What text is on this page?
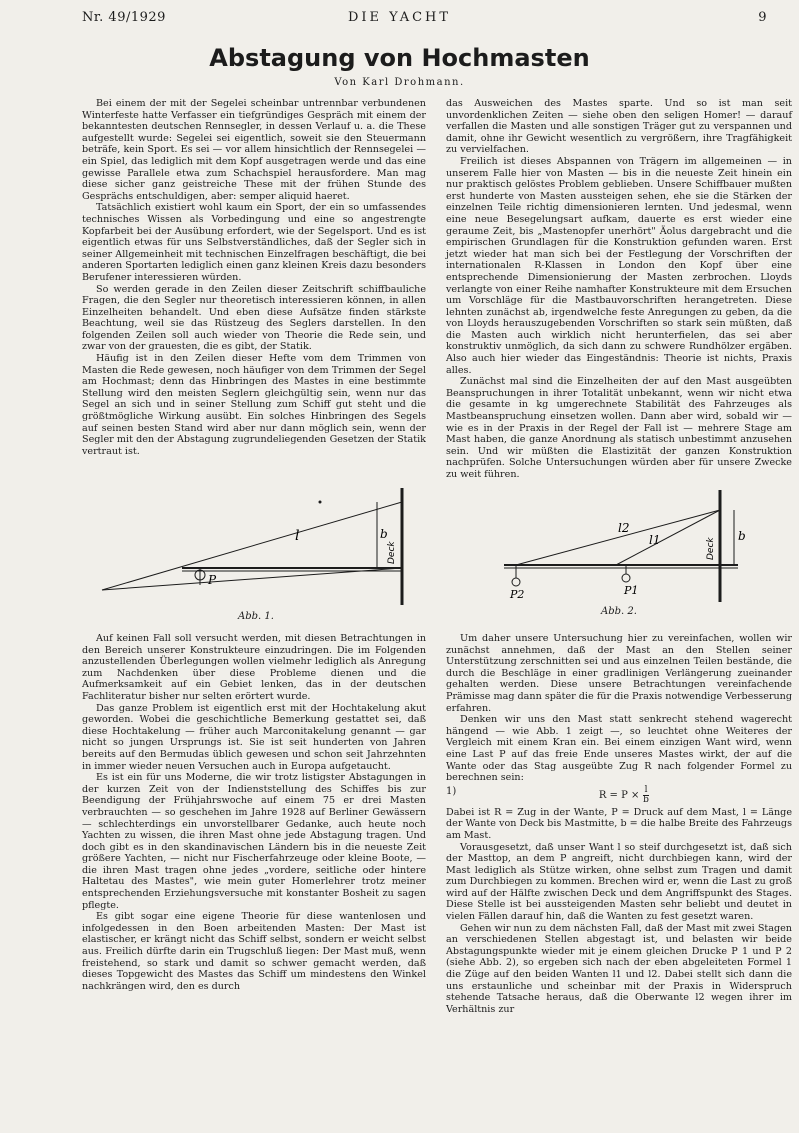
Nr. 49/1929	DIE YACHT	9
Abstagung von Hochmasten
Von Karl Drohmann.

Bei einem der mit der Segelei scheinbar untrennbar verbundenen Winterfeste hatte Verfasser ein tiefgründiges Gespräch mit einem der bekanntesten deutschen Rennsegler, in dessen Verlauf u. a. die These aufgestellt wurde: Segelei sei eigentlich, soweit sie den Steuermann beträfe, kein Sport. Es sei — vor allem hinsichtlich der Rennsegelei — ein Spiel, das lediglich mit dem Kopf ausgetragen werde und das eine gewisse Parallele etwa zum Schachspiel herausfordere. Man mag diese sicher ganz geistreiche These mit der frühen Stunde des Gesprächs entschuldigen, aber: semper aliquid haeret.

Tatsächlich existiert wohl kaum ein Sport, der ein so umfassendes technisches Wissen als Vorbedingung und eine so angestrengte Kopfarbeit bei der Ausübung erfordert, wie der Segelsport. Und es ist eigentlich etwas für uns Selbstverständliches, daß der Segler sich in seiner Allgemeinheit mit technischen Einzelfragen beschäftigt, die bei anderen Sportarten lediglich einen ganz kleinen Kreis dazu besonders Berufener interessieren würden.

So werden gerade in den Zeilen dieser Zeitschrift schiffbauliche Fragen, die den Segler nur theoretisch interessieren können, in allen Einzelheiten behandelt. Und eben diese Aufsätze finden stärkste Beachtung, weil sie das Rüstzeug des Seglers darstellen. In den folgenden Zeilen soll auch wieder von Theorie die Rede sein, und zwar von der grauesten, die es gibt, der Statik.

Häufig ist in den Zeilen dieser Hefte vom dem Trimmen von Masten die Rede gewesen, noch häufiger von dem Trimmen der Segel am Hochmast; denn das Hinbringen des Mastes in eine bestimmte Stellung wird den meisten Seglern gleichgültig sein, wenn nur das Segel an sich und in seiner Stellung zum Schiff gut steht und die größtmögliche Wirkung ausübt. Ein solches Hinbringen des Segels auf seinen besten Stand wird aber nur dann möglich sein, wenn der Segler mit den der Abstagung zugrundeliegenden Gesetzen der Statik vertraut ist.

das Ausweichen des Mastes sparte. Und so ist man seit unvordenklichen Zeiten — siehe oben den seligen Homer! — darauf verfallen die Masten und alle sonstigen Träger gut zu verspannen und damit, ohne ihr Gewicht wesentlich zu vergrößern, ihre Tragfähigkeit zu vervielfachen.

Freilich ist dieses Abspannen von Trägern im allgemeinen — in unserem Falle hier von Masten — bis in die neueste Zeit hinein ein nur praktisch gelöstes Problem geblieben. Unsere Schiffbauer mußten erst hunderte von Masten aussteigen sehen, ehe sie die Stärken der einzelnen Teile richtig dimensionieren lernten. Und jedesmal, wenn eine neue Besegelungsart aufkam, dauerte es erst wieder eine geraume Zeit, bis „Mastenopfer unerhört" Äolus dargebracht und die empirischen Grundlagen für die Konstruktion gefunden waren. Erst jetzt wieder hat man sich bei der Festlegung der Vorschriften der internationalen R-Klassen in London den Kopf über eine entsprechende Dimensionierung der Masten zerbrochen. Lloyds verlangte von einer Reihe namhafter Konstrukteure mit dem Ersuchen um Vorschläge für die Mastbauvorschriften herangetreten. Diese lehnten zunächst ab, irgendwelche feste Anregungen zu geben, da die von Lloyds herauszugebenden Vorschriften so stark sein müßten, daß die Masten auch wirklich nicht herunterfielen, das sei aber konstruktiv unmöglich, da sich dann zu schwere Rundhölzer ergäben. Also auch hier wieder das Eingeständnis: Theorie ist nichts, Praxis alles.

Zunächst mal sind die Einzelheiten der auf den Mast ausgeübten Beanspruchungen in ihrer Totalität unbekannt, wenn wir nicht etwa die gesamte in kg umgerechnete Stabilität des Fahrzeuges als Mastbeanspruchung einsetzen wollen. Dann aber wird, sobald wir — wie es in der Praxis in der Regel der Fall ist — mehrere Stage am Mast haben, die ganze Anordnung als statisch unbestimmt anzusehen sein. Und wir müßten die Elastizität der ganzen Konstruktion nachprüfen. Solche Untersuchungen würden aber für unsere Zwecke zu weit führen.

l	b
P
Deck
Abb. 1.
l2
l1	b
P2	P1
Deck
Abb. 2.

Auf keinen Fall soll versucht werden, mit diesen Betrachtungen in den Bereich unserer Konstrukteure einzudringen. Die im Folgenden anzustellenden Überlegungen wollen vielmehr lediglich als Anregung zum Nachdenken über diese Probleme dienen und die Aufmerksamkeit auf ein Gebiet lenken, das in der deutschen Fachliteratur bisher nur selten erörtert wurde.

Das ganze Problem ist eigentlich erst mit der Hochtakelung akut geworden. Wobei die geschichtliche Bemerkung gestattet sei, daß diese Hochtakelung — früher auch Marconitakelung genannt — gar nicht so jungen Ursprungs ist. Sie ist seit hunderten von Jahren bereits auf den Bermudas üblich gewesen und schon seit Jahrzehnten in immer wieder neuen Versuchen auch in Europa aufgetaucht.

Es ist ein für uns Moderne, die wir trotz listigster Abstagungen in der kurzen Zeit von der Indienststellung des Schiffes bis zur Beendigung der Frühjahrswoche auf einem 75 er drei Masten verbrauchten — so geschehen im Jahre 1928 auf Berliner Gewässern — schlechterdings ein unvorstellbarer Gedanke, auch heute noch Yachten zu wissen, die ihren Mast ohne jede Abstagung tragen. Und doch gibt es in den skandinavischen Ländern bis in die neueste Zeit größere Yachten, — nicht nur Fischerfahrzeuge oder kleine Boote, — die ihren Mast tragen ohne jedes „vordere, seitliche oder hintere Haltetau des Mastes", wie mein guter Homerlehrer trotz meiner entsprechenden Erziehungsversuche mit konstanter Bosheit zu sagen pflegte.

Es gibt sogar eine eigene Theorie für diese wantenlosen und infolgedessen in den Boen arbeitenden Masten: Der Mast ist elastischer, er krängt nicht das Schiff selbst, sondern er weicht selbst aus. Freilich dürfte darin ein Trugschluß liegen: Der Mast muß, wenn freistehend, so stark und damit so schwer gemacht werden, daß dieses Topgewicht des Mastes das Schiff um mindestens den Winkel nachkrängen wird, den es durch

Um daher unsere Untersuchung hier zu vereinfachen, wollen wir zunächst annehmen, daß der Mast an den Stellen seiner Unterstützung zerschnitten sei und aus einzelnen Teilen bestände, die durch die Beschläge in einer gradlinigen Verlängerung zueinander gehalten werden. Diese unsere Betrachtungen vereinfachende Prämisse mag dann später die für die Praxis notwendige Verbesserung erfahren.

Denken wir uns den Mast statt senkrecht stehend wagerecht hängend — wie Abb. 1 zeigt —, so leuchtet ohne Weiteres der Vergleich mit einem Kran ein. Bei einem einzigen Want wird, wenn eine Last P auf das freie Ende unseres Mastes wirkt, der auf die Wante oder das Stag ausgeübte Zug R nach folgender Formel zu berechnen sein:

1)	$R = P \times \frac{l}{b}$

Dabei ist R = Zug in der Wante, P = Druck auf dem Mast, l = Länge der Wante von Deck bis Mastmitte, b = die halbe Breite des Fahrzeugs am Mast.

Vorausgesetzt, daß unser Want l so steif durchgesetzt ist, daß sich der Masttop, an dem P angreift, nicht durchbiegen kann, wird der Mast lediglich als Stütze wirken, ohne selbst zum Tragen und damit zum Durchbiegen zu kommen. Brechen wird er, wenn die Last zu groß wird auf der Hälfte zwischen Deck und dem Angriffspunkt des Stages. Diese Stelle ist bei aussteigenden Masten sehr beliebt und deutet in vielen Fällen darauf hin, daß die Wanten zu fest gesetzt waren.

Gehen wir nun zu dem nächsten Fall, daß der Mast mit zwei Stagen an verschiedenen Stellen abgestagt ist, und belasten wir beide Abstagungspunkte wieder mit je einem gleichen Drucke P 1 und P 2 (siehe Abb. 2), so ergeben sich nach der eben abgeleiteten Formel 1 die Züge auf den beiden Wanten l1 und l2. Dabei stellt sich dann die uns erstaunliche und scheinbar mit der Praxis in Widerspruch stehende Tatsache heraus, daß die Oberwante l2 wegen ihrer im Verhältnis zur
